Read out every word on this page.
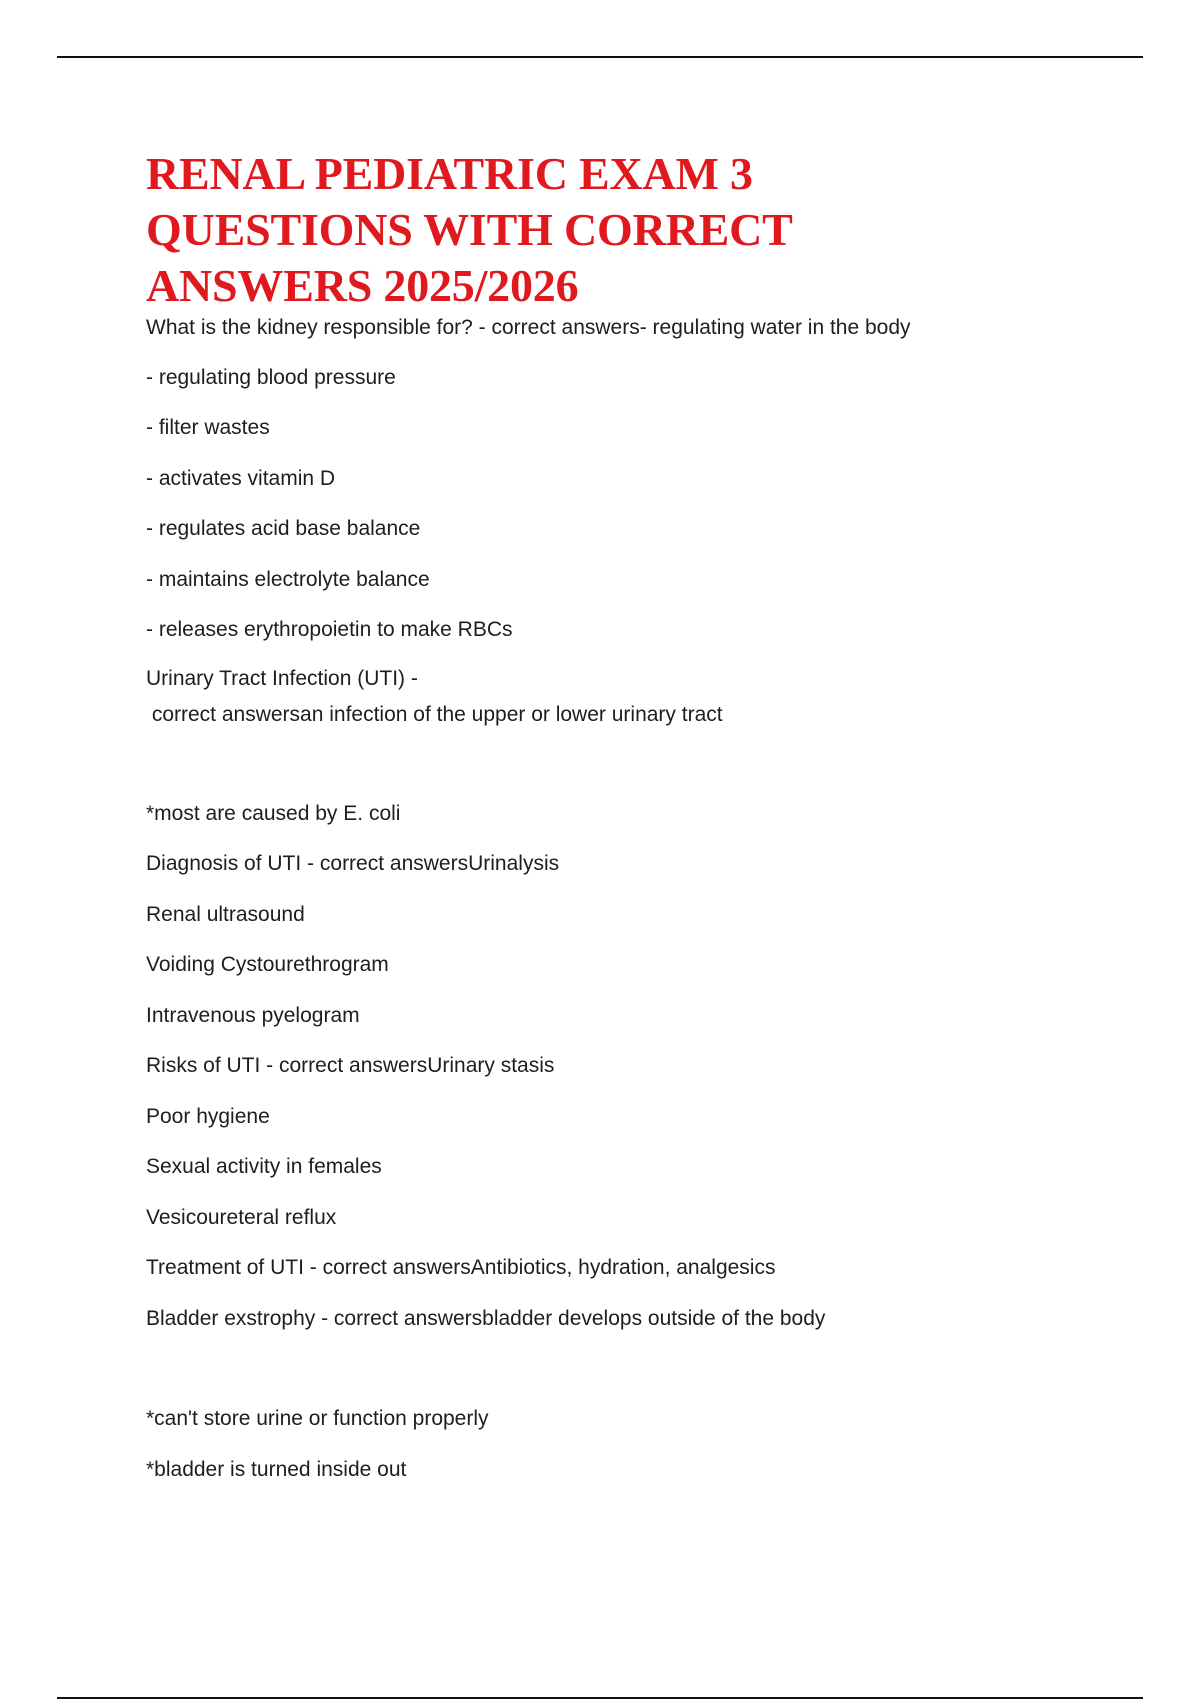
RENAL PEDIATRIC EXAM 3
QUESTIONS WITH CORRECT
ANSWERS 2025/2026
What is the kidney responsible for? - correct answers- regulating water in the body
- regulating blood pressure
- filter wastes
- activates vitamin D
- regulates acid base balance
- maintains electrolyte balance
- releases erythropoietin to make RBCs
Urinary Tract Infection (UTI) -
correct answersan infection of the upper or lower urinary tract
*most are caused by E. coli
Diagnosis of UTI - correct answersUrinalysis
Renal ultrasound
Voiding Cystourethrogram
Intravenous pyelogram
Risks of UTI - correct answersUrinary stasis
Poor hygiene
Sexual activity in females
Vesicoureteral reflux
Treatment of UTI - correct answersAntibiotics, hydration, analgesics
Bladder exstrophy - correct answersbladder develops outside of the body
*can't store urine or function properly
*bladder is turned inside out
